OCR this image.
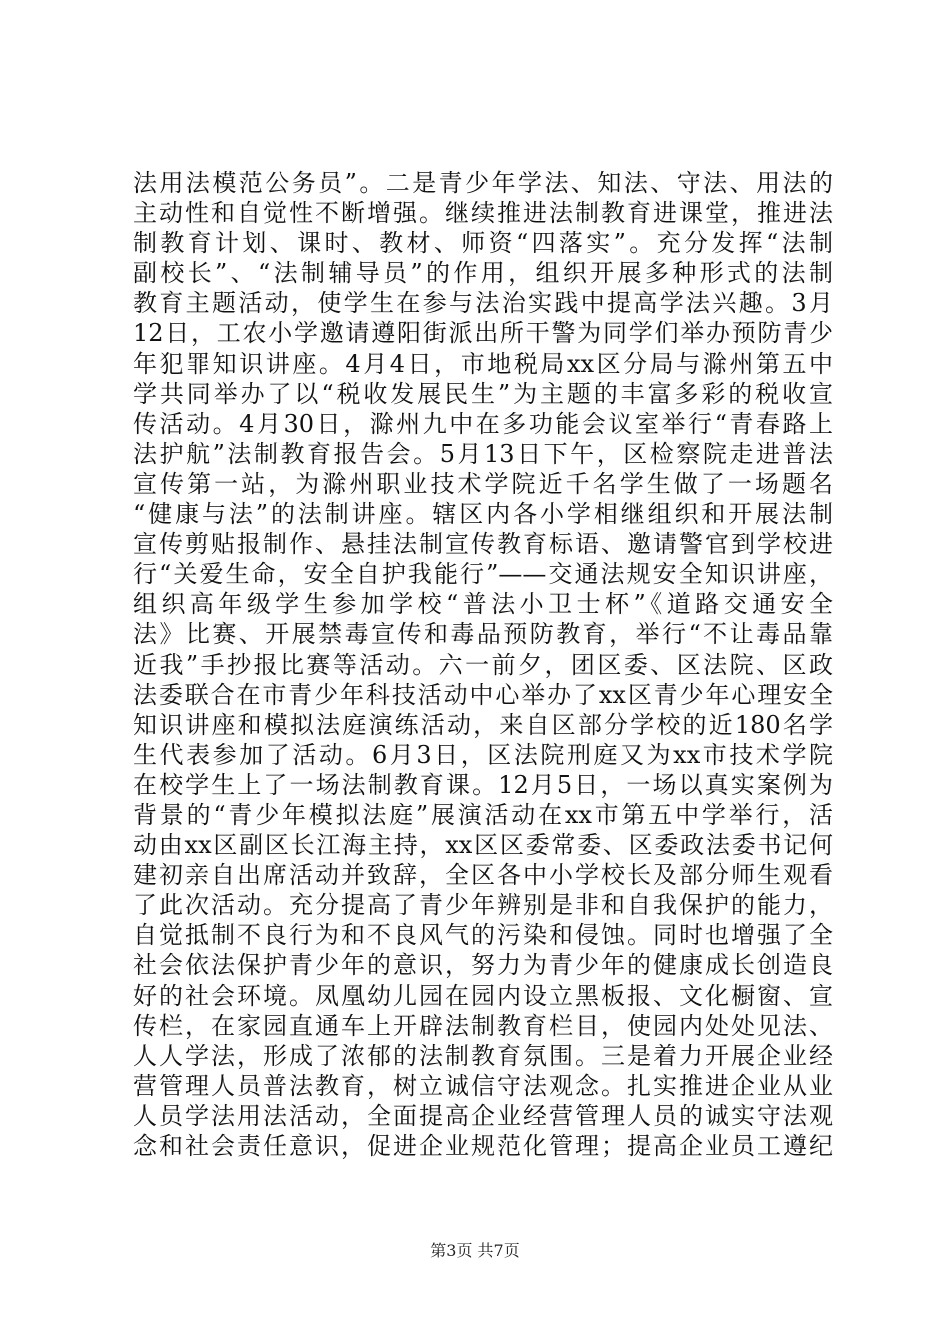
法用法模范公务员”。二是青少年学法、知法、守法、用法的
主动性和自觉性不断增强。继续推进法制教育进课堂，推进法
制教育计划、课时、教材、师资“四落实”。充分发挥“法制
副校长”、“法制辅导员”的作用，组织开展多种形式的法制
教育主题活动，使学生在参与法治实践中提高学法兴趣。3月
12日，工农小学邀请遵阳街派出所干警为同学们举办预防青少
年犯罪知识讲座。4月4日，市地税局xx区分局与滁州第五中
学共同举办了以“税收发展民生”为主题的丰富多彩的税收宣
传活动。4月30日，滁州九中在多功能会议室举行“青春路上
法护航”法制教育报告会。5月13日下午，区检察院走进普法
宣传第一站，为滁州职业技术学院近千名学生做了一场题名
“健康与法”的法制讲座。辖区内各小学相继组织和开展法制
宣传剪贴报制作、悬挂法制宣传教育标语、邀请警官到学校进
行“关爱生命，安全自护我能行”——交通法规安全知识讲座，
组织高年级学生参加学校“普法小卫士杯”《道路交通安全
法》比赛、开展禁毒宣传和毒品预防教育，举行“不让毒品靠
近我”手抄报比赛等活动。六一前夕，团区委、区法院、区政
法委联合在市青少年科技活动中心举办了xx区青少年心理安全
知识讲座和模拟法庭演练活动，来自区部分学校的近180名学
生代表参加了活动。6月3日，区法院刑庭又为xx市技术学院
在校学生上了一场法制教育课。12月5日，一场以真实案例为
背景的“青少年模拟法庭”展演活动在xx市第五中学举行，活
动由xx区副区长江海主持，xx区区委常委、区委政法委书记何
建初亲自出席活动并致辞，全区各中小学校长及部分师生观看
了此次活动。充分提高了青少年辨别是非和自我保护的能力，
自觉抵制不良行为和不良风气的污染和侵蚀。同时也增强了全
社会依法保护青少年的意识，努力为青少年的健康成长创造良
好的社会环境。凤凰幼儿园在园内设立黑板报、文化橱窗、宣
传栏，在家园直通车上开辟法制教育栏目，使园内处处见法、
人人学法，形成了浓郁的法制教育氛围。三是着力开展企业经
营管理人员普法教育，树立诚信守法观念。扎实推进企业从业
人员学法用法活动，全面提高企业经营管理人员的诚实守法观
念和社会责任意识，促进企业规范化管理；提高企业员工遵纪
第3页 共7页
